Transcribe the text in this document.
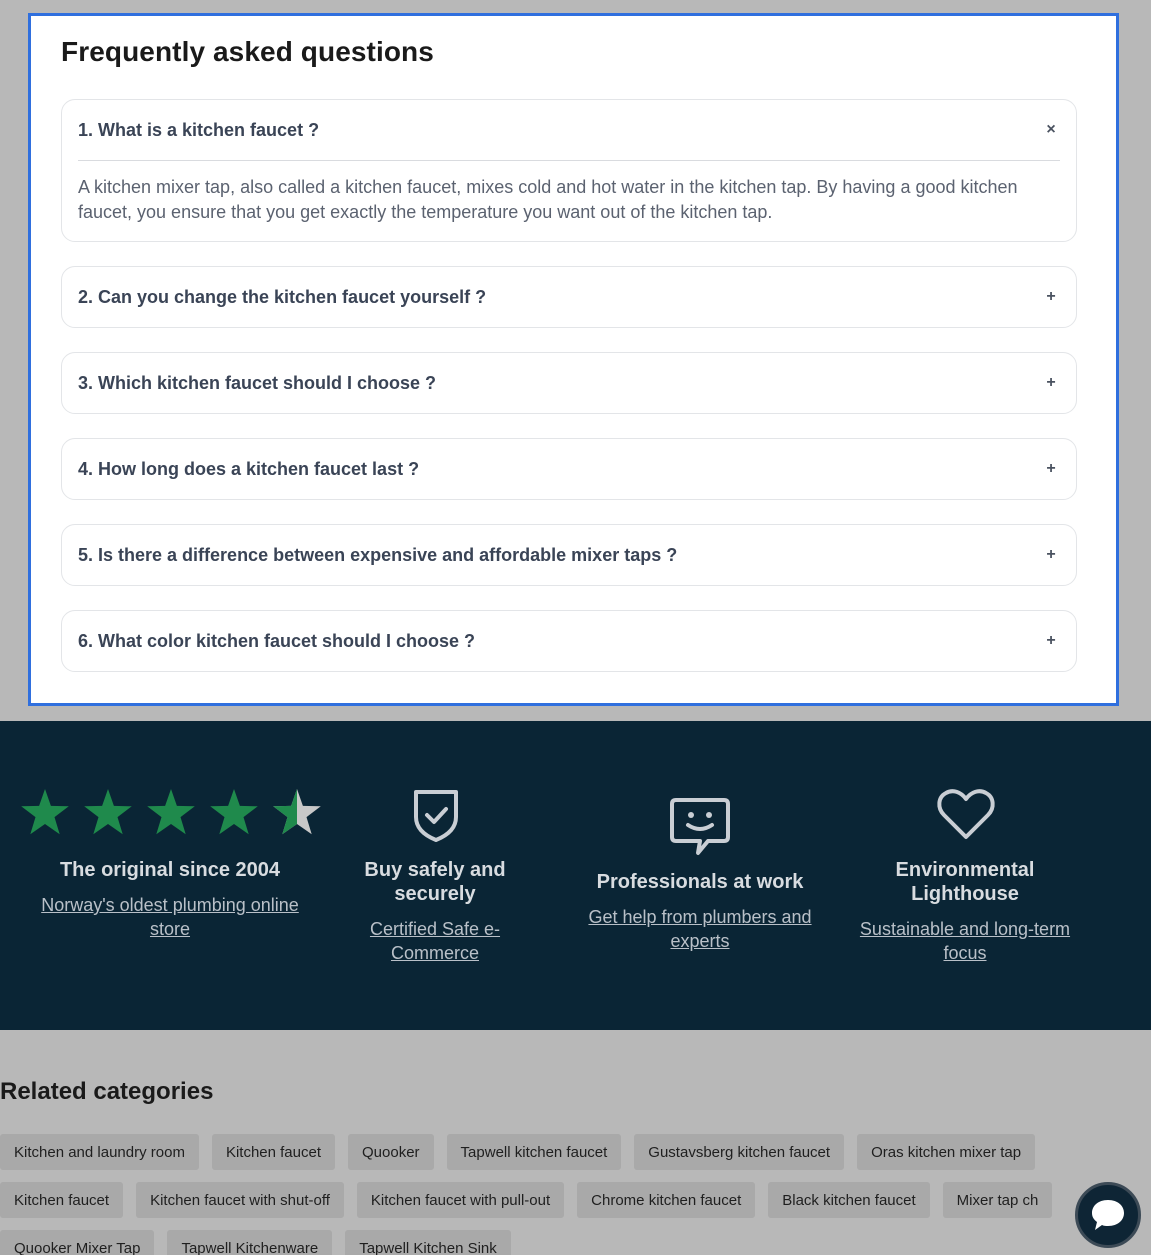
Frequently asked questions
1. What is a kitchen faucet ?	×

A kitchen mixer tap, also called a kitchen faucet, mixes cold and hot water in the kitchen tap. By having a good kitchen faucet, you ensure that you get exactly the temperature you want out of the kitchen tap.

2. Can you change the kitchen faucet yourself ?	+
3. Which kitchen faucet should I choose ?	+
4. How long does a kitchen faucet last ?	+
5. Is there a difference between expensive and affordable mixer taps ?	+
6. What color kitchen faucet should I choose ?	+
The original since 2004
Norway's oldest plumbing online store
Buy safely and securely
Certified Safe e-Commerce
Professionals at work
Get help from plumbers and experts
Environmental Lighthouse
Sustainable and long-term focus
Related categories
Kitchen and laundry room	Kitchen faucet	Quooker	Tapwell kitchen faucet	Gustavsberg kitchen faucet	Oras kitchen mixer tap
Kitchen faucet	Kitchen faucet with shut-off	Kitchen faucet with pull-out	Chrome kitchen faucet	Black kitchen faucet	Mixer tap ch
Quooker Mixer Tap	Tapwell Kitchenware	Tapwell Kitchen Sink
